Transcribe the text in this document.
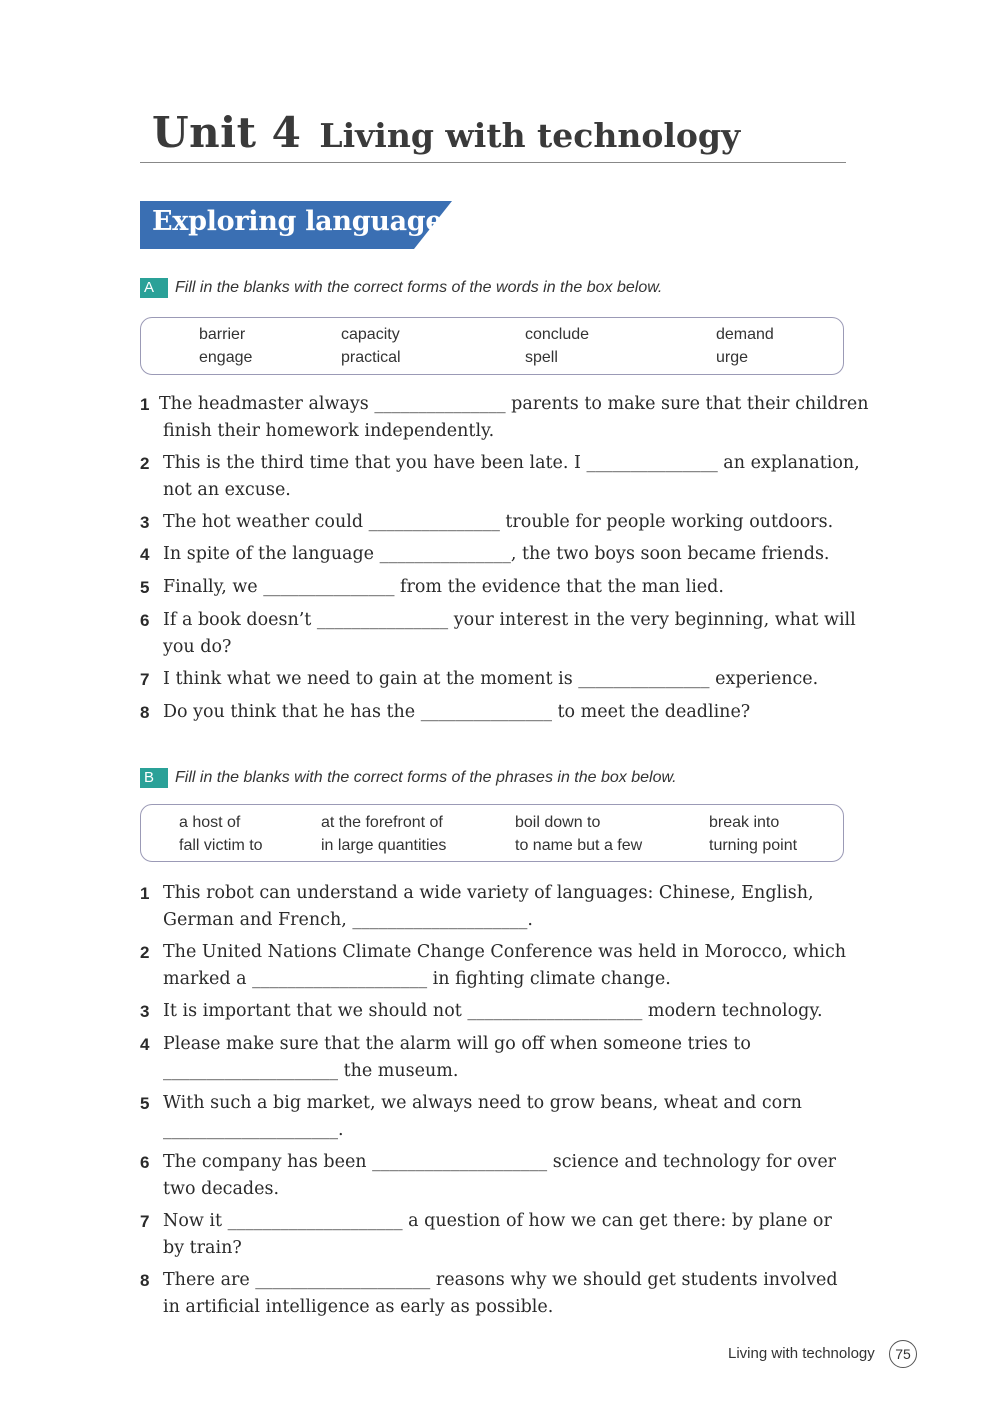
Unit 4 Living with technology
Exploring language
A Fill in the blanks with the correct forms of the words in the box below.
barrier	capacity	conclude	demand
engage	practical	spell	urge
1 The headmaster always _______________ parents to make sure that their children
finish their homework independently.
2 This is the third time that you have been late. I _______________ an explanation,
not an excuse.
3 The hot weather could _______________ trouble for people working outdoors.
4 In spite of the language _______________, the two boys soon became friends.
5 Finally, we _______________ from the evidence that the man lied.
6 If a book doesn’t _______________ your interest in the very beginning, what will
you do?
7 I think what we need to gain at the moment is _______________ experience.
8 Do you think that he has the _______________ to meet the deadline?
B Fill in the blanks with the correct forms of the phrases in the box below.
a host of	at the forefront of	boil down to	break into
fall victim to	in large quantities	to name but a few	turning point
1 This robot can understand a wide variety of languages: Chinese, English,
German and French, ____________________.
2 The United Nations Climate Change Conference was held in Morocco, which
marked a ____________________ in fighting climate change.
3 It is important that we should not ____________________ modern technology.
4 Please make sure that the alarm will go off when someone tries to
____________________ the museum.
5 With such a big market, we always need to grow beans, wheat and corn
____________________.
6 The company has been ____________________ science and technology for over
two decades.
7 Now it ____________________ a question of how we can get there: by plane or
by train?
8 There are ____________________ reasons why we should get students involved
in artificial intelligence as early as possible.
Living with technology	75
